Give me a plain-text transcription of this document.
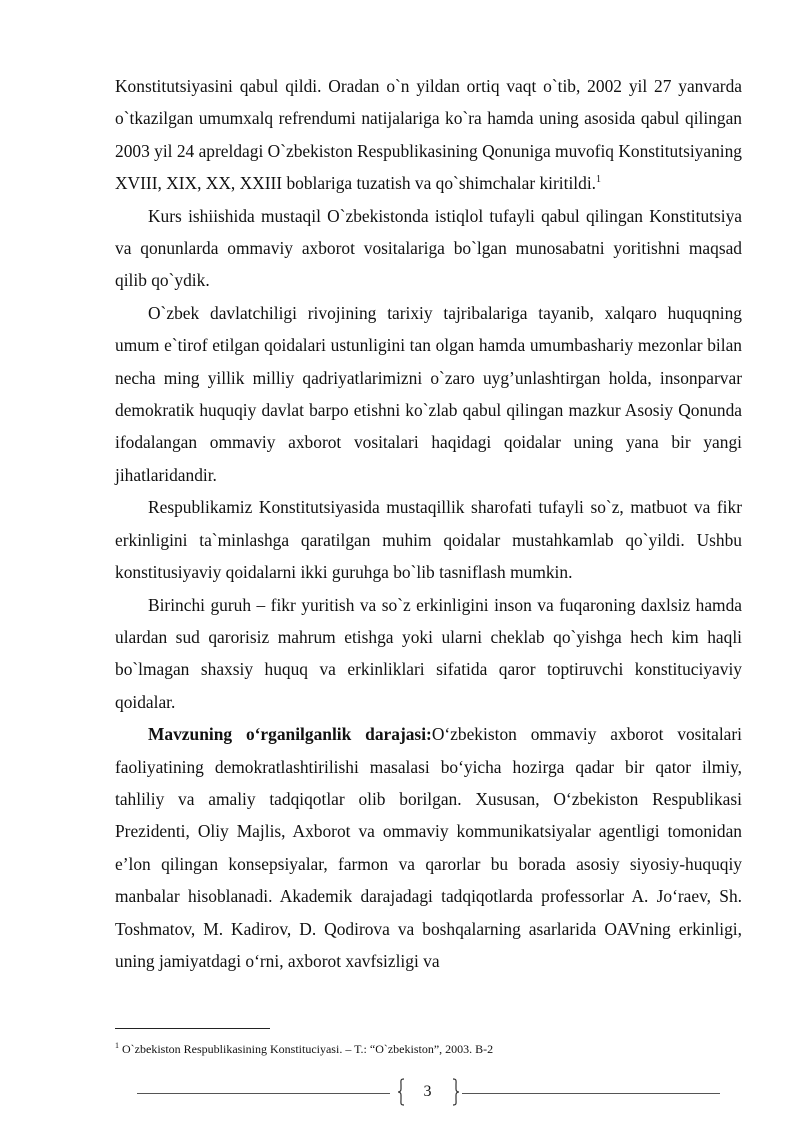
Konstitutsiyasini qabul qildi. Oradan o`n yildan ortiq vaqt o`tib, 2002 yil 27 yanvarda o`tkazilgan umumxalq refrendumi natijalariga ko`ra hamda uning asosida qabul qilingan 2003 yil 24 apreldagi O`zbekiston Respublikasining Qonuniga muvofiq Konstitutsiyaning XVIII, XIX, XX, XXIII boblariga tuzatish va qo`shimchalar kiritildi.$^1$

Kurs ishiishida mustaqil O`zbekistonda istiqlol tufayli qabul qilingan Konstitutsiya va qonunlarda ommaviy axborot vositalariga bo`lgan munosabatni yoritishni maqsad qilib qo`ydik.

O`zbek davlatchiligi rivojining tarixiy tajribalariga tayanib, xalqaro huquqning umum e`tirof etilgan qoidalari ustunligini tan olgan hamda umumbashariy mezonlar bilan necha ming yillik milliy qadriyatlarimizni o`zaro uyg’unlashtirgan holda, insonparvar demokratik huquqiy davlat barpo etishni ko`zlab qabul qilingan mazkur Asosiy Qonunda ifodalangan ommaviy axborot vositalari haqidagi qoidalar uning yana bir yangi jihatlaridandir.

Respublikamiz Konstitutsiyasida mustaqillik sharofati tufayli so`z, matbuot va fikr erkinligini ta`minlashga qaratilgan muhim qoidalar mustahkamlab qo`yildi. Ushbu konstitusiyaviy qoidalarni ikki guruhga bo`lib tasniflash mumkin.

Birinchi guruh – fikr yuritish va so`z erkinligini inson va fuqaroning daxlsiz hamda ulardan sud qarorisiz mahrum etishga yoki ularni cheklab qo`yishga hech kim haqli bo`lmagan shaxsiy huquq va erkinliklari sifatida qaror toptiruvchi konstituciyaviy qoidalar.

Mavzuning o‘rganilganlik darajasi:O‘zbekiston ommaviy axborot vositalari faoliyatining demokratlashtirilishi masalasi bo‘yicha hozirga qadar bir qator ilmiy, tahliliy va amaliy tadqiqotlar olib borilgan. Xususan, O‘zbekiston Respublikasi Prezidenti, Oliy Majlis, Axborot va ommaviy kommunikatsiyalar agentligi tomonidan e’lon qilingan konsepsiyalar, farmon va qarorlar bu borada asosiy siyosiy-huquqiy manbalar hisoblanadi. Akademik darajadagi tadqiqotlarda professorlar A. Jo‘raev, Sh. Toshmatov, M. Kadirov, D. Qodirova va boshqalarning asarlarida OAVning erkinligi, uning jamiyatdagi o‘rni, axborot xavfsizligi va

$^1$ O`zbekiston Respublikasining Konstituciyasi. – T.: “O`zbekiston”, 2003. B-2
3
